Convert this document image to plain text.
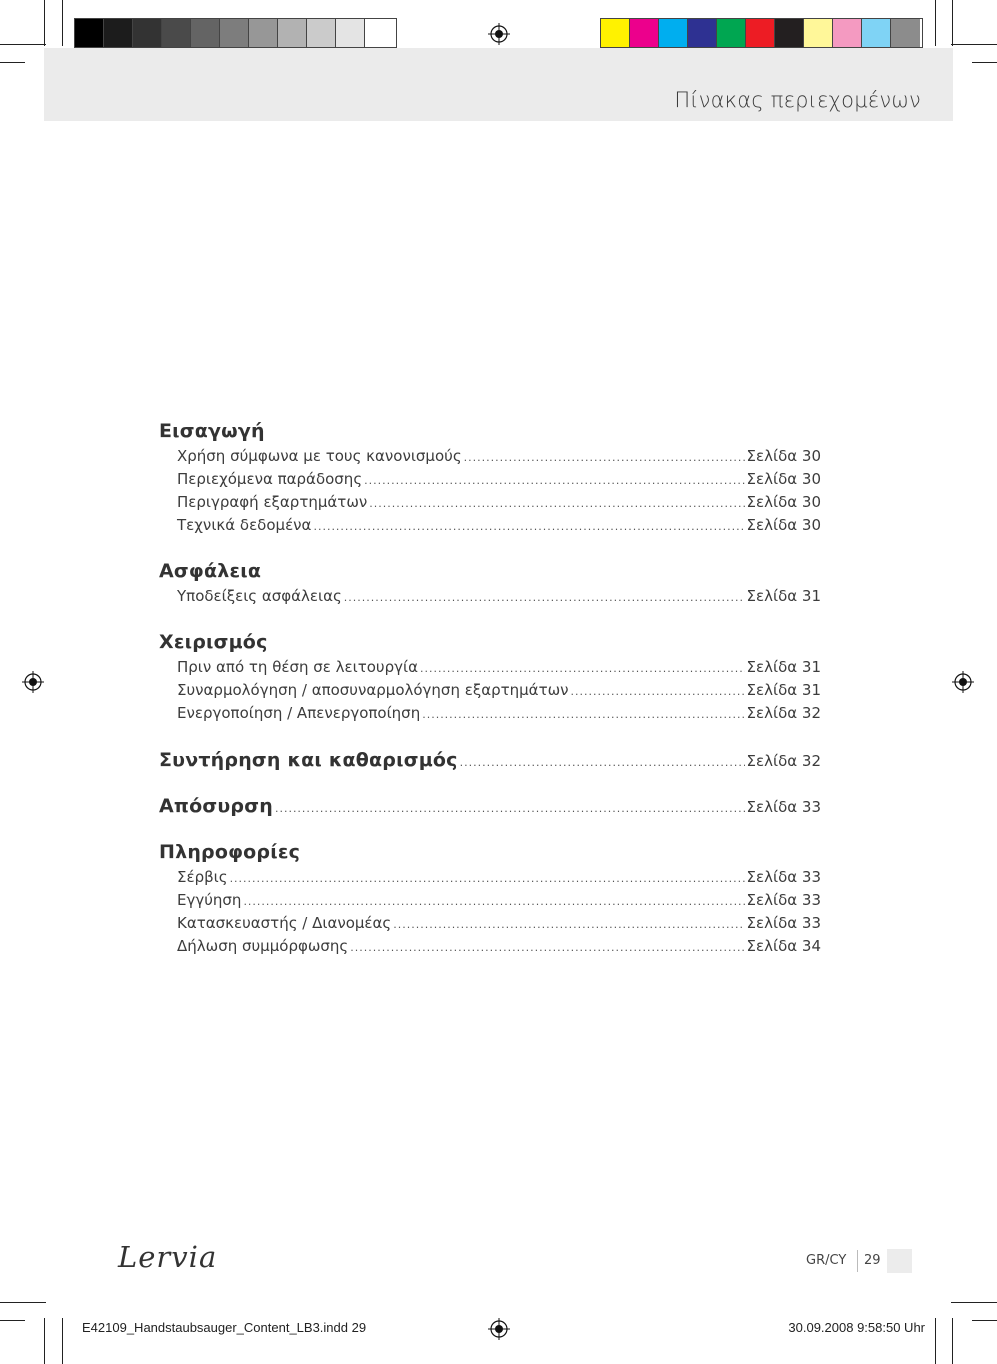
Πίνακας περιεχομένων
Εισαγωγή
Χρήση σύμφωνα με τους κανονισμούς .....	Σελίδα 30
Περιεχόμενα παράδοσης .....	Σελίδα 30
Περιγραφή εξαρτημάτων .....	Σελίδα 30
Τεχνικά δεδομένα .....	Σελίδα 30
Ασφάλεια
Υποδείξεις ασφάλειας .....	Σελίδα 31
Χειρισμός
Πριν από τη θέση σε λειτουργία .....	Σελίδα 31
Συναρμολόγηση / αποσυναρμολόγηση εξαρτημάτων .....	Σελίδα 31
Ενεργοποίηση / Απενεργοποίηση .....	Σελίδα 32
Συντήρηση και καθαρισμός .....	Σελίδα 32
Απόσυρση .....	Σελίδα 33
Πληροφορίες
Σέρβις .....	Σελίδα 33
Εγγύηση .....	Σελίδα 33
Κατασκευαστής / Διανομέας .....	Σελίδα 33
Δήλωση συμμόρφωσης .....	Σελίδα 34
Lervia	GR/CY 29
E42109_Handstaubsauger_Content_LB3.indd 29	30.09.2008 9:58:50 Uhr
